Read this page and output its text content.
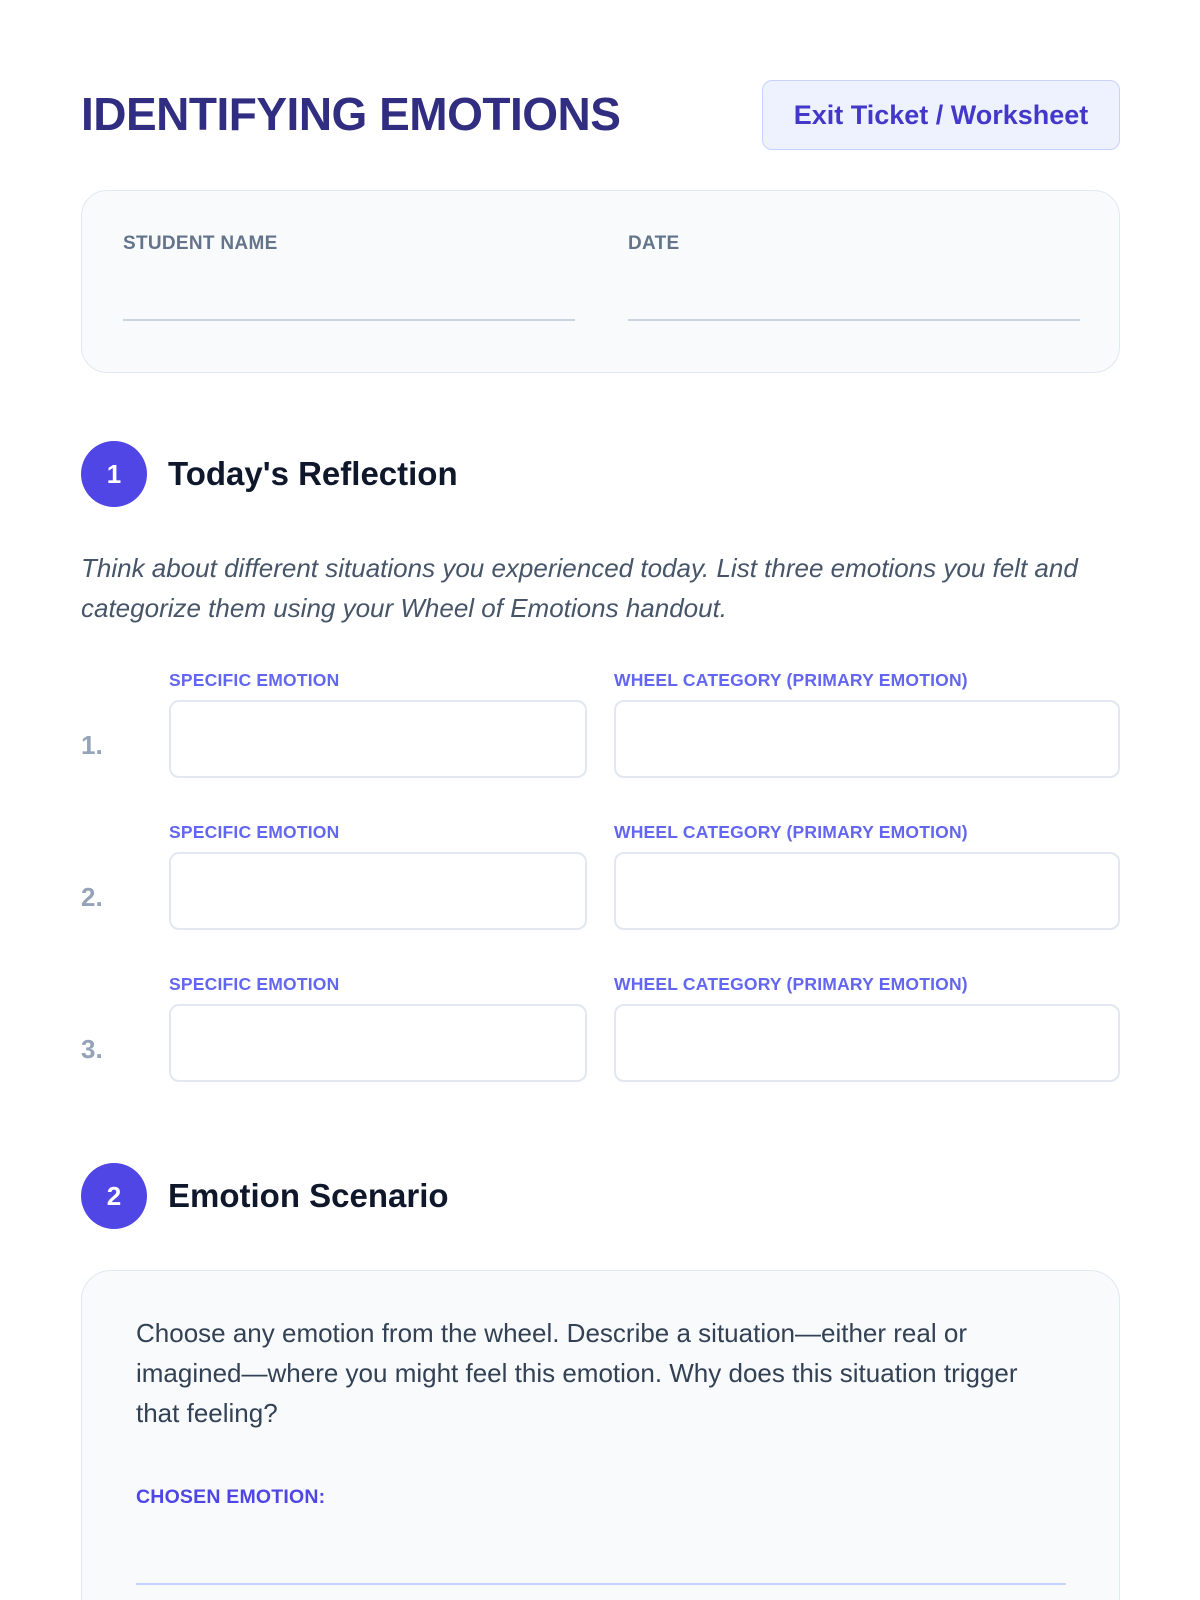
IDENTIFYING EMOTIONS	Exit Ticket / Worksheet
STUDENT NAME	DATE
1	Today's Reflection

Think about different situations you experienced today. List three emotions you felt and categorize them using your Wheel of Emotions handout.

1.
SPECIFIC EMOTION	WHEEL CATEGORY (PRIMARY EMOTION)
2.
SPECIFIC EMOTION	WHEEL CATEGORY (PRIMARY EMOTION)
3.
SPECIFIC EMOTION	WHEEL CATEGORY (PRIMARY EMOTION)
2	Emotion Scenario

Choose any emotion from the wheel. Describe a situation—either real or imagined—where you might feel this emotion. Why does this situation trigger that feeling?

CHOSEN EMOTION:
